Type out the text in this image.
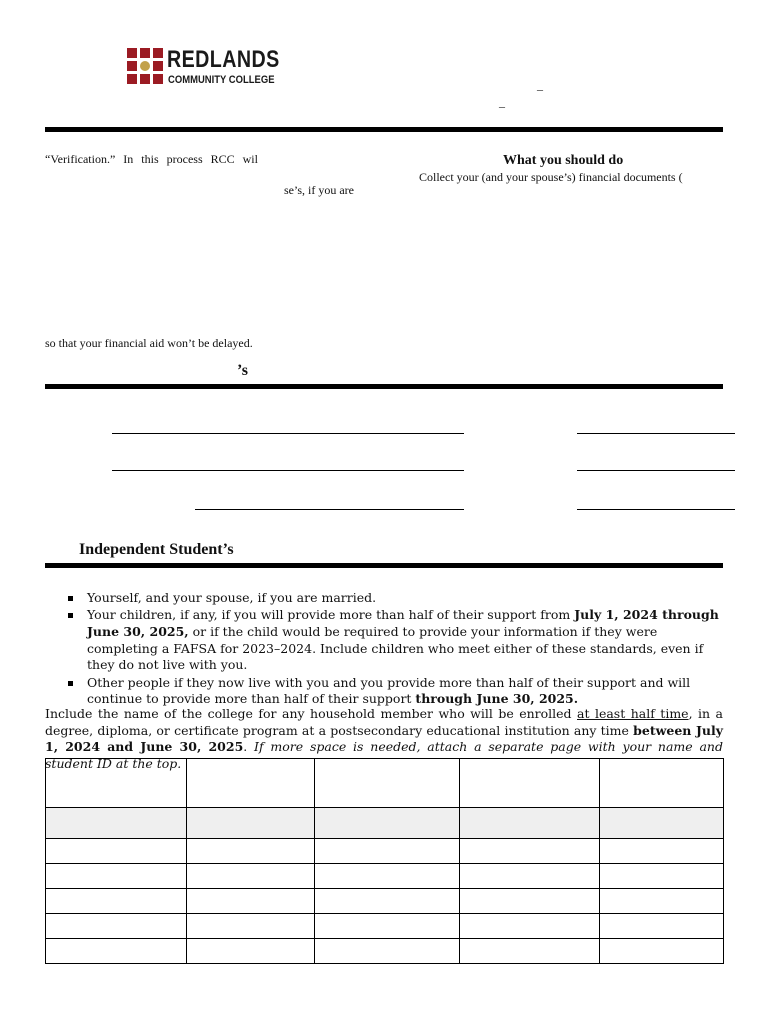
REDLANDS
COMMUNITY COLLEGE	_
_
“Verification.” In this process RCC wil
se’s, if you are
What you should do
Collect your (and your spouse’s) financial documents (
so that your financial aid won’t be delayed.
’s
Independent Student’s
Yourself, and your spouse, if you are married.
Your children, if any, if you will provide more than half of their support from July 1, 2024 through June 30, 2025, or if the child would be required to provide your information if they were completing a FAFSA for 2023–2024. Include children who meet either of these standards, even if they do not live with you.
Other people if they now live with you and you provide more than half of their support and will continue to provide more than half of their support through June 30, 2025.

Include the name of the college for any household member who will be enrolled at least half time, in a degree, diploma, or certificate program at a postsecondary educational institution any time between July 1, 2024 and June 30, 2025. If more space is needed, attach a separate page with your name and student ID at the top.
